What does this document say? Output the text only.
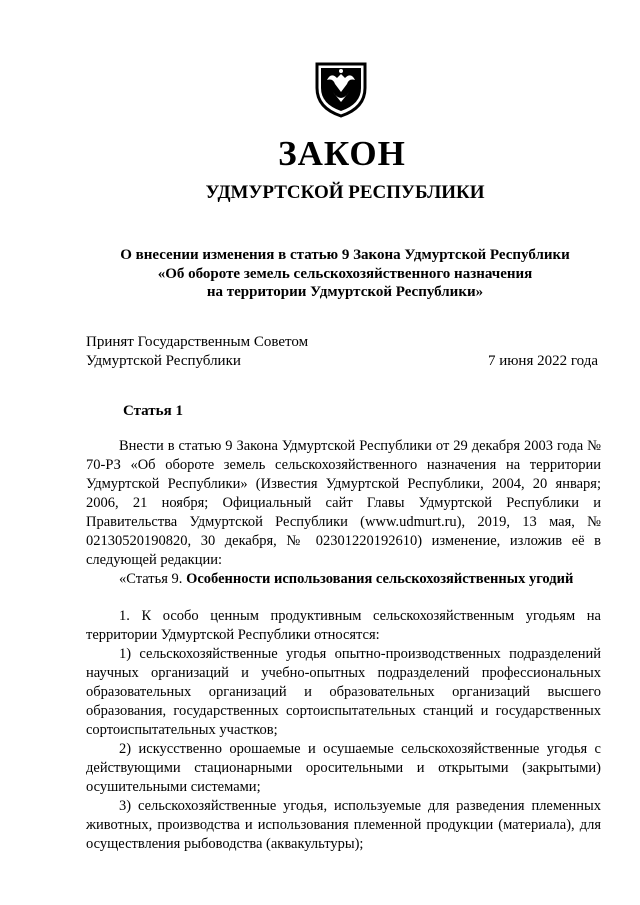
ЗАКОН
УДМУРТСКОЙ РЕСПУБЛИКИ
О внесении изменения в статью 9 Закона Удмуртской Республики
«Об обороте земель сельскохозяйственного назначения
на территории Удмуртской Республики»
Принят Государственным Советом
Удмуртской Республики	7 июня 2022 года
Статья 1

Внести в статью 9 Закона Удмуртской Республики от 29 декабря 2003 года № 70-РЗ «Об обороте земель сельскохозяйственного назначения на территории Удмуртской Республики» (Известия Удмуртской Республики, 2004, 20 января; 2006, 21 ноября; Официальный сайт Главы Удмуртской Республики и Правительства Удмуртской Республики (www.udmurt.ru), 2019, 13 мая, № 02130520190820, 30 декабря, № 02301220192610) изменение, изложив её в следующей редакции:

«Статья 9. Особенности использования сельскохозяйственных угодий

1. К особо ценным продуктивным сельскохозяйственным угодьям на территории Удмуртской Республики относятся:

1) сельскохозяйственные угодья опытно-производственных подразделений научных организаций и учебно-опытных подразделений профессиональных образовательных организаций и образовательных организаций высшего образования, государственных сортоиспытательных станций и государственных сортоиспытательных участков;

2) искусственно орошаемые и осушаемые сельскохозяйственные угодья с действующими стационарными оросительными и открытыми (закрытыми) осушительными системами;

3) сельскохозяйственные угодья, используемые для разведения племенных животных, производства и использования племенной продукции (материала), для осуществления рыбоводства (аквакультуры);
